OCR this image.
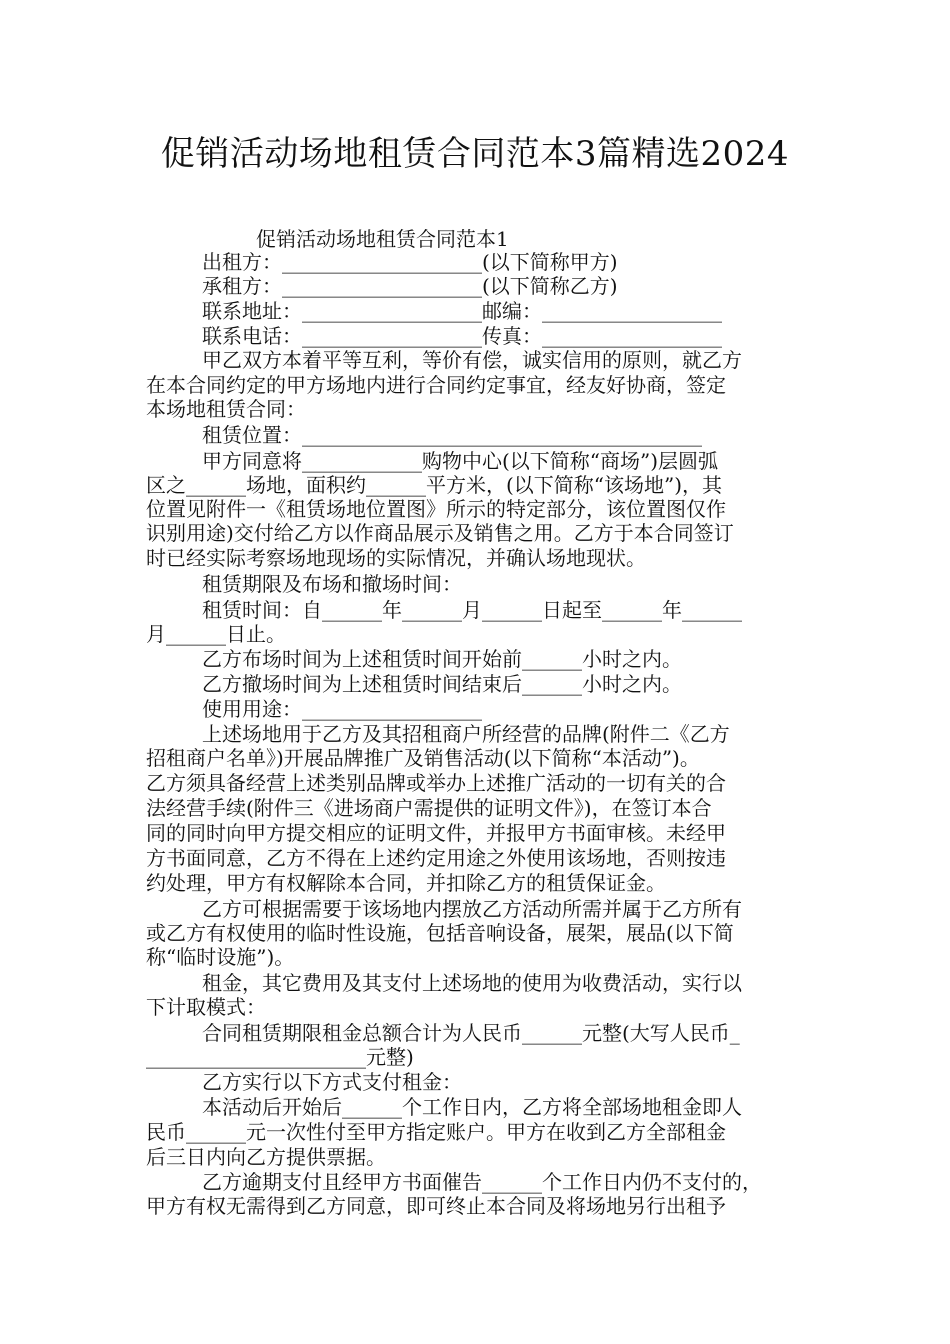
促销活动场地租赁合同范本3篇精选2024
促销活动场地租赁合同范本1
出租方：____________________(以下简称甲方)
承租方：____________________(以下简称乙方)
联系地址：__________________邮编：__________________
联系电话：__________________传真：__________________
甲乙双方本着平等互利，等价有偿，诚实信用的原则，就乙方
在本合同约定的甲方场地内进行合同约定事宜，经友好协商，签定
本场地租赁合同：
租赁位置：________________________________________
甲方同意将____________购物中心(以下简称“商场”)层圆弧
区之______场地，面积约______平方米，(以下简称“该场地”)，其
位置见附件一《租赁场地位置图》所示的特定部分，该位置图仅作
识别用途)交付给乙方以作商品展示及销售之用。乙方于本合同签订
时已经实际考察场地现场的实际情况，并确认场地现状。
租赁期限及布场和撤场时间：
租赁时间：自______年______月______日起至______年______
月______日止。
乙方布场时间为上述租赁时间开始前______小时之内。
乙方撤场时间为上述租赁时间结束后______小时之内。
使用用途：__________________
上述场地用于乙方及其招租商户所经营的品牌(附件二《乙方
招租商户名单》)开展品牌推广及销售活动(以下简称“本活动”)。
乙方须具备经营上述类别品牌或举办上述推广活动的一切有关的合
法经营手续(附件三《进场商户需提供的证明文件》)，在签订本合
同的同时向甲方提交相应的证明文件，并报甲方书面审核。未经甲
方书面同意，乙方不得在上述约定用途之外使用该场地，否则按违
约处理，甲方有权解除本合同，并扣除乙方的租赁保证金。
乙方可根据需要于该场地内摆放乙方活动所需并属于乙方所有
或乙方有权使用的临时性设施，包括音响设备，展架，展品(以下简
称“临时设施”)。
租金，其它费用及其支付上述场地的使用为收费活动，实行以
下计取模式：
合同租赁期限租金总额合计为人民币______元整(大写人民币_
______________________元整)
乙方实行以下方式支付租金：
本活动后开始后______个工作日内，乙方将全部场地租金即人
民币______元一次性付至甲方指定账户。甲方在收到乙方全部租金
后三日内向乙方提供票据。
乙方逾期支付且经甲方书面催告______个工作日内仍不支付的，
甲方有权无需得到乙方同意，即可终止本合同及将场地另行出租予
